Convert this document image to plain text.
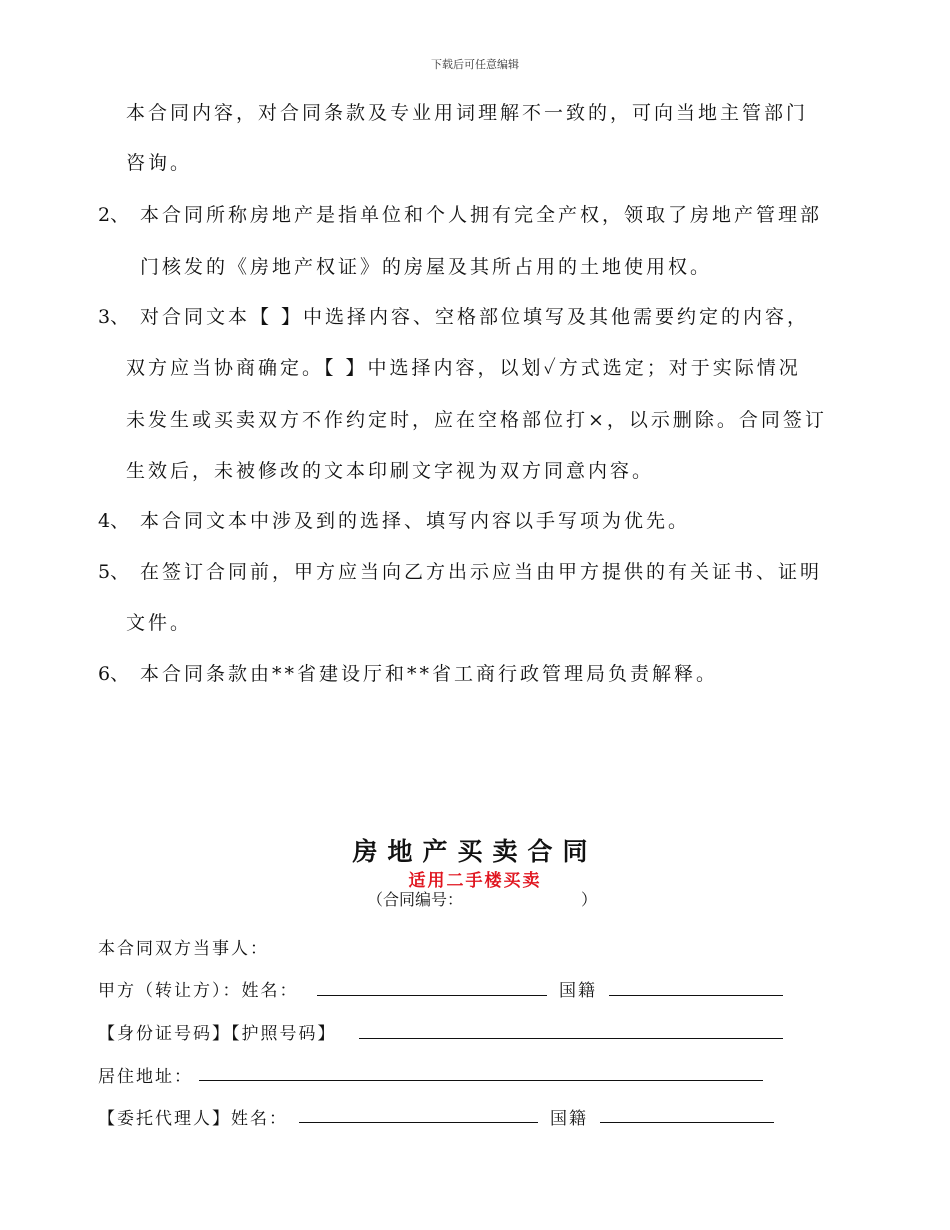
下载后可任意编辑
本合同内容，对合同条款及专业用词理解不一致的，可向当地主管部门
咨询。
2、 本合同所称房地产是指单位和个人拥有完全产权，领取了房地产管理部
门核发的《房地产权证》的房屋及其所占用的土地使用权。
3、 对合同文本【 】中选择内容、空格部位填写及其他需要约定的内容，
双方应当协商确定。【 】中选择内容，以划✓方式选定；对于实际情况
未发生或买卖双方不作约定时，应在空格部位打×，以示删除。合同签订
生效后，未被修改的文本印刷文字视为双方同意内容。
4、 本合同文本中涉及到的选择、填写内容以手写项为优先。
5、 在签订合同前，甲方应当向乙方出示应当由甲方提供的有关证书、证明
文件。
6、 本合同条款由**省建设厅和**省工商行政管理局负责解释。
房地产买卖合同
适用二手楼买卖
（合同编号：	）
本合同双方当事人：
甲方（转让方）：姓名：	国籍
【身份证号码】【护照号码】
居住地址：
【委托代理人】姓名：	国籍
